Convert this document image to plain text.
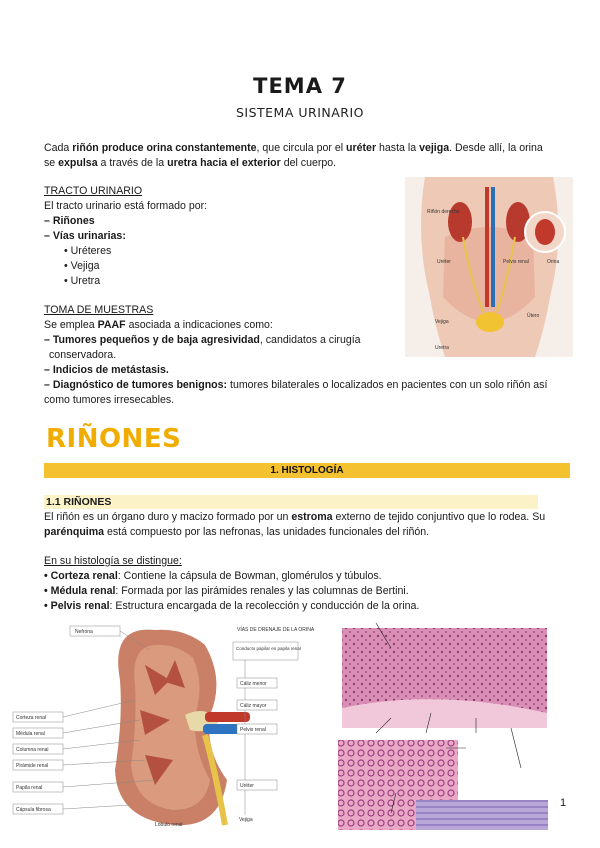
TEMA 7
SISTEMA URINARIO
Cada riñón produce orina constantemente, que circula por el uréter hasta la vejiga. Desde allí, la orina
se expulsa a través de la uretra hacia el exterior del cuerpo.
TRACTO URINARIO
El tracto urinario está formado por:
– Riñones
– Vías urinarias:
• Uréteres
• Vejiga
• Uretra
TOMA DE MUESTRAS
Se emplea PAAF asociada a indicaciones como:
– Tumores pequeños y de baja agresividad, candidatos a cirugía
conservadora.
– Indicios de metástasis.
– Diagnóstico de tumores benignos: tumores bilaterales o localizados en pacientes con un solo riñón así
como tumores irresecables.
Riñón derecho
Uréter	Pelvis renal	Orina
Vejiga
Útero
Uretra
RIÑONES
1. HISTOLOGÍA
1.1 RIÑONES
El riñón es un órgano duro y macizo formado por un estroma externo de tejido conjuntivo que lo rodea. Su
parénquima está compuesto por las nefronas, las unidades funcionales del riñón.
En su histología se distingue:
• Corteza renal: Contiene la cápsula de Bowman, glomérulos y túbulos.
• Médula renal: Formada por las pirámides renales y las columnas de Bertini.
• Pelvis renal: Estructura encargada de la recolección y conducción de la orina.
VÍAS DE DRENAJE DE LA ORINA
Nefrona
Corteza renal
Médula renal
Columna renal
Pirámide renal
Papila renal
Cápsula fibrosa
Conducto papilar en papila renal
Cáliz menor
Cáliz mayor
Pelvis renal
Uréter
Vejiga
Lóbulo renal
1
